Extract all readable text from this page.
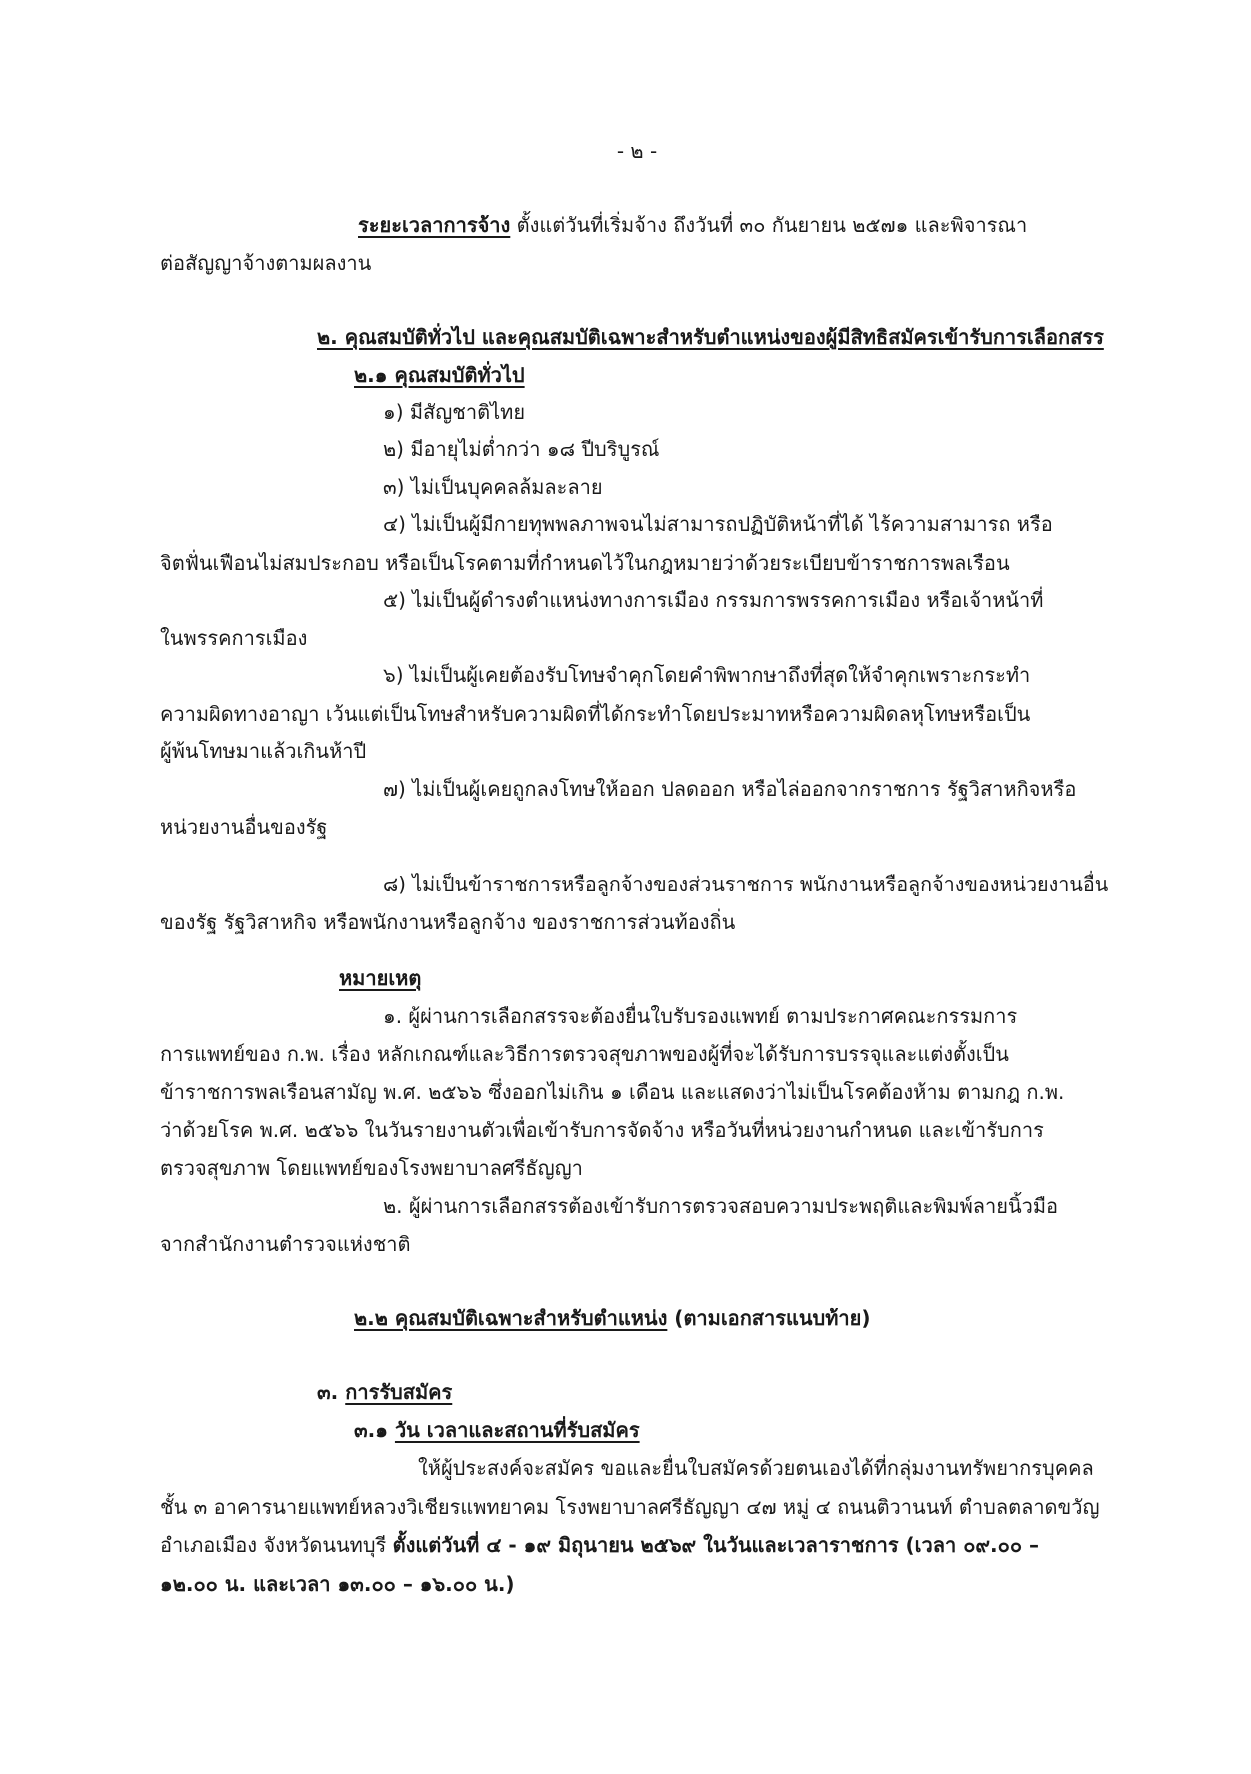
- ๒ -
ระยะเวลาการจ้าง ตั้งแต่วันที่เริ่มจ้าง ถึงวันที่ ๓๐ กันยายน ๒๕๗๑ และพิจารณา
ต่อสัญญาจ้างตามผลงาน
๒. คุณสมบัติทั่วไป และคุณสมบัติเฉพาะสำหรับตำแหน่งของผู้มีสิทธิสมัครเข้ารับการเลือกสรร
๒.๑ คุณสมบัติทั่วไป
๑) มีสัญชาติไทย
๒) มีอายุไม่ต่ำกว่า ๑๘ ปีบริบูรณ์
๓) ไม่เป็นบุคคลล้มละลาย
๔) ไม่เป็นผู้มีกายทุพพลภาพจนไม่สามารถปฏิบัติหน้าที่ได้ ไร้ความสามารถ หรือ
จิตฟั่นเฟือนไม่สมประกอบ หรือเป็นโรคตามที่กำหนดไว้ในกฎหมายว่าด้วยระเบียบข้าราชการพลเรือน
๕) ไม่เป็นผู้ดำรงตำแหน่งทางการเมือง กรรมการพรรคการเมือง หรือเจ้าหน้าที่
ในพรรคการเมือง
๖) ไม่เป็นผู้เคยต้องรับโทษจำคุกโดยคำพิพากษาถึงที่สุดให้จำคุกเพราะกระทำ
ความผิดทางอาญา เว้นแต่เป็นโทษสำหรับความผิดที่ได้กระทำโดยประมาทหรือความผิดลหุโทษหรือเป็น
ผู้พ้นโทษมาแล้วเกินห้าปี
๗) ไม่เป็นผู้เคยถูกลงโทษให้ออก ปลดออก หรือไล่ออกจากราชการ รัฐวิสาหกิจหรือ
หน่วยงานอื่นของรัฐ
๘) ไม่เป็นข้าราชการหรือลูกจ้างของส่วนราชการ พนักงานหรือลูกจ้างของหน่วยงานอื่น
ของรัฐ รัฐวิสาหกิจ หรือพนักงานหรือลูกจ้าง ของราชการส่วนท้องถิ่น
หมายเหตุ
๑. ผู้ผ่านการเลือกสรรจะต้องยื่นใบรับรองแพทย์ ตามประกาศคณะกรรมการ
การแพทย์ของ ก.พ. เรื่อง หลักเกณฑ์และวิธีการตรวจสุขภาพของผู้ที่จะได้รับการบรรจุและแต่งตั้งเป็น
ข้าราชการพลเรือนสามัญ พ.ศ. ๒๕๖๖ ซึ่งออกไม่เกิน ๑ เดือน และแสดงว่าไม่เป็นโรคต้องห้าม ตามกฎ ก.พ.
ว่าด้วยโรค พ.ศ. ๒๕๖๖ ในวันรายงานตัวเพื่อเข้ารับการจัดจ้าง หรือวันที่หน่วยงานกำหนด และเข้ารับการ
ตรวจสุขภาพ โดยแพทย์ของโรงพยาบาลศรีธัญญา
๒. ผู้ผ่านการเลือกสรรต้องเข้ารับการตรวจสอบความประพฤติและพิมพ์ลายนิ้วมือ
จากสำนักงานตำรวจแห่งชาติ
๒.๒ คุณสมบัติเฉพาะสำหรับตำแหน่ง (ตามเอกสารแนบท้าย)
๓. การรับสมัคร
๓.๑ วัน เวลาและสถานที่รับสมัคร
ให้ผู้ประสงค์จะสมัคร ขอและยื่นใบสมัครด้วยตนเองได้ที่กลุ่มงานทรัพยากรบุคคล
ชั้น ๓ อาคารนายแพทย์หลวงวิเชียรแพทยาคม โรงพยาบาลศรีธัญญา ๔๗ หมู่ ๔ ถนนติวานนท์ ตำบลตลาดขวัญ
อำเภอเมือง จังหวัดนนทบุรี ตั้งแต่วันที่ ๔ - ๑๙ มิถุนายน ๒๕๖๙ ในวันและเวลาราชการ (เวลา ๐๙.๐๐ –
๑๒.๐๐ น. และเวลา ๑๓.๐๐ – ๑๖.๐๐ น.)
